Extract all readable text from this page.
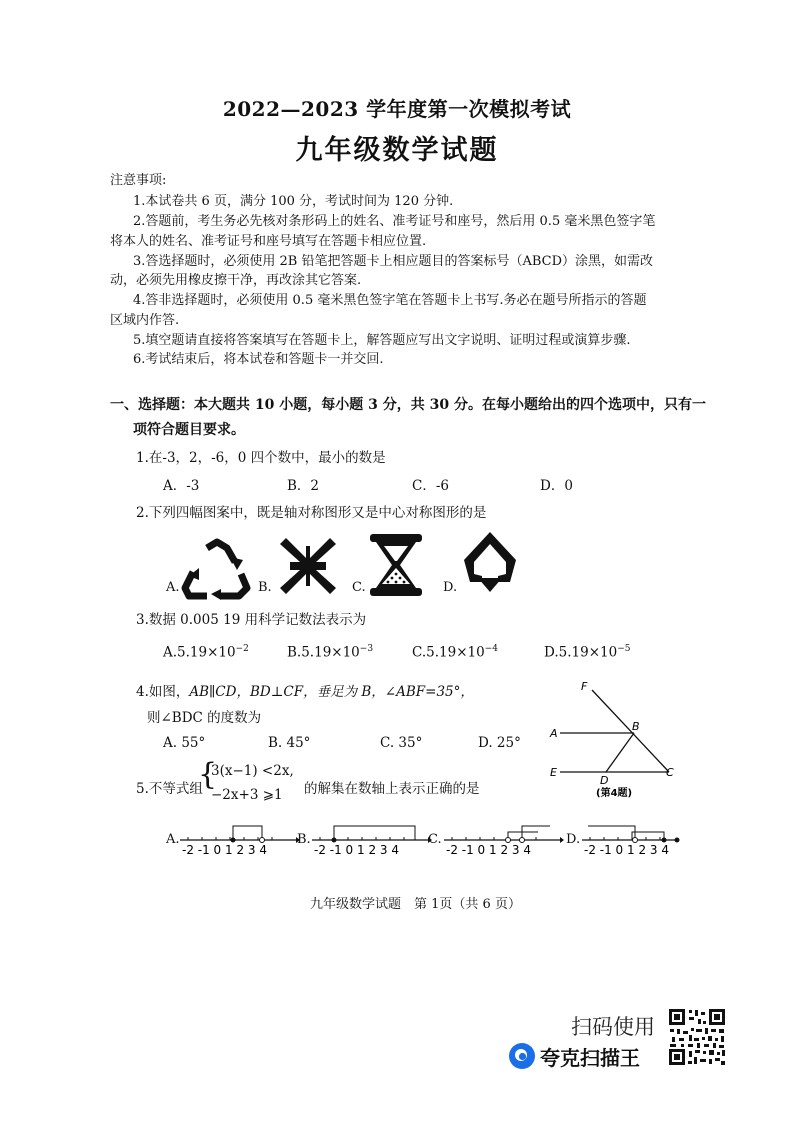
2022—2023 学年度第一次模拟考试
九年级数学试题
注意事项:
1.本试卷共 6 页，满分 100 分，考试时间为 120 分钟.
2.答题前，考生务必先核对条形码上的姓名、准考证号和座号，然后用 0.5 毫米黑色签字笔
将本人的姓名、准考证号和座号填写在答题卡相应位置.
3.答选择题时，必须使用 2B 铅笔把答题卡上相应题目的答案标号（ABCD）涂黑，如需改
动，必须先用橡皮擦干净，再改涂其它答案.
4.答非选择题时，必须使用 0.5 毫米黑色签字笔在答题卡上书写.务必在题号所指示的答题
区域内作答.
5.填空题请直接将答案填写在答题卡上，解答题应写出文字说明、证明过程或演算步骤.
6.考试结束后，将本试卷和答题卡一并交回.
一、选择题：本大题共 10 小题，每小题 3 分，共 30 分。在每小题给出的四个选项中，只有一
项符合题目要求。
1.在-3，2，-6，0 四个数中，最小的数是
A．-3	B．2	C．-6	D．0
2.下列四幅图案中，既是轴对称图形又是中心对称图形的是
A.	B.	C.	D.
3.数据 0.005 19 用科学记数法表示为
$A.5.19\times 10^{-2}$	$B.5.19\times 10^{-3}$	$C.5.19\times 10^{-4}$	$D.5.19\times 10^{-5}$
4.如图，AB∥CD，BD⊥CF，垂足为 B，∠ABF=35°，
则∠BDC 的度数为
A. 55°	B. 45°	C. 35°	D. 25°
F
A
B
E
D
C
(第4题)
5.不等式组
{
3(x−1) <2x,
−2x+3 ⩾1 的解集在数轴上表示正确的是
A.
-2 -1 0 1 2 3 4
B.
-2 -1 0 1 2 3 4
C.
-2 -1 0 1 2 3 4
D.
-2 -1 0 1 2 3 4
九年级数学试题　第 1页（共 6 页）
扫码使用
夸克扫描王
